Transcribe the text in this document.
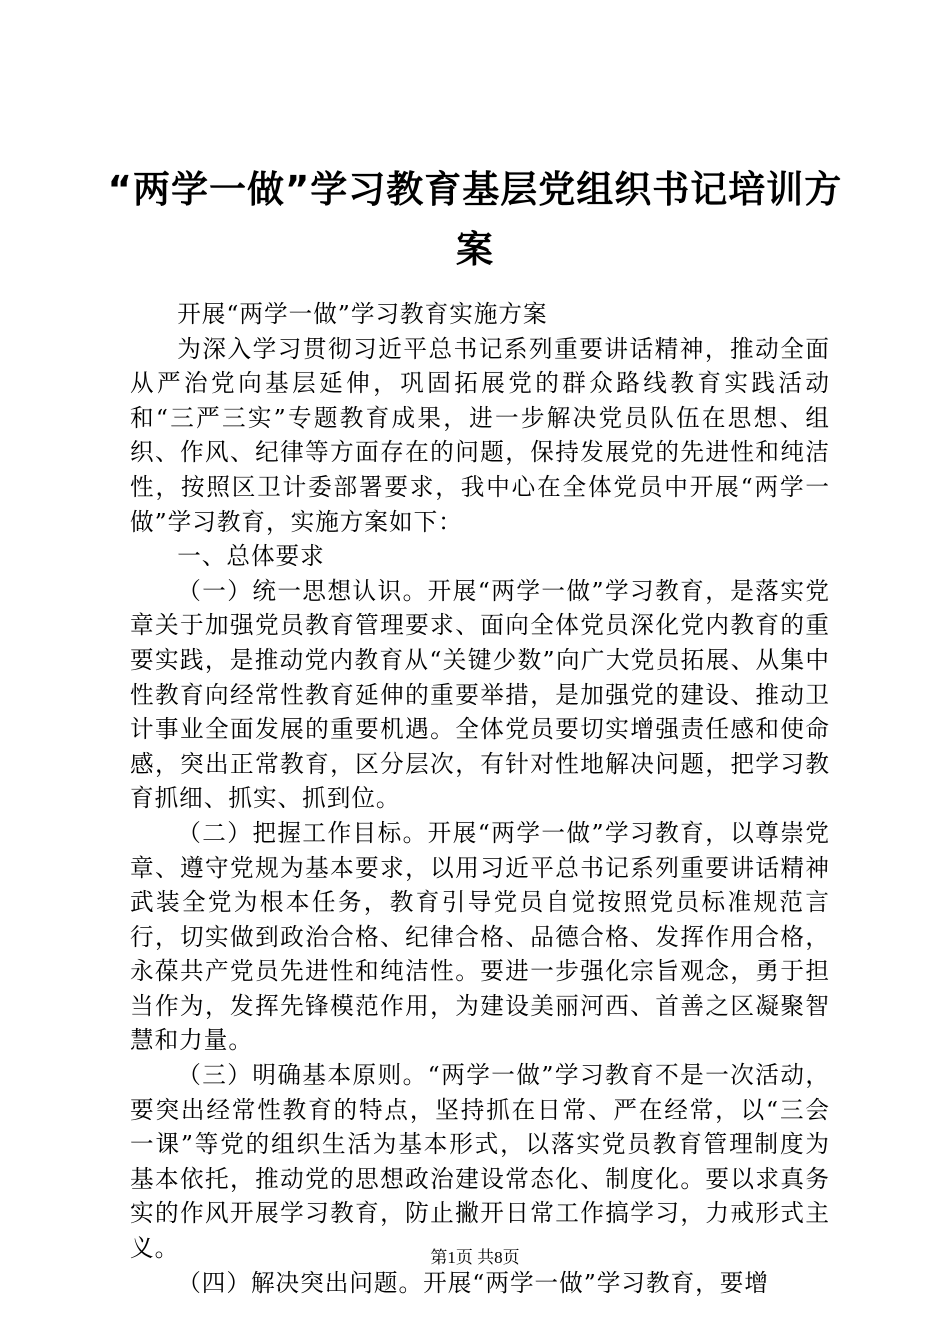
“两学一做”学习教育基层党组织书记培训方案

开展“两学一做”学习教育实施方案

为深入学习贯彻习近平总书记系列重要讲话精神，推动全面从严治党向基层延伸，巩固拓展党的群众路线教育实践活动和“三严三实”专题教育成果，进一步解决党员队伍在思想、组织、作风、纪律等方面存在的问题，保持发展党的先进性和纯洁性，按照区卫计委部署要求，我中心在全体党员中开展“两学一做”学习教育，实施方案如下：

一、总体要求

（一）统一思想认识。开展“两学一做”学习教育，是落实党章关于加强党员教育管理要求、面向全体党员深化党内教育的重要实践，是推动党内教育从“关键少数”向广大党员拓展、从集中性教育向经常性教育延伸的重要举措，是加强党的建设、推动卫计事业全面发展的重要机遇。全体党员要切实增强责任感和使命感，突出正常教育，区分层次，有针对性地解决问题，把学习教育抓细、抓实、抓到位。

（二）把握工作目标。开展“两学一做”学习教育，以尊崇党章、遵守党规为基本要求，以用习近平总书记系列重要讲话精神武装全党为根本任务，教育引导党员自觉按照党员标准规范言行，切实做到政治合格、纪律合格、品德合格、发挥作用合格，永葆共产党员先进性和纯洁性。要进一步强化宗旨观念，勇于担当作为，发挥先锋模范作用，为建设美丽河西、首善之区凝聚智慧和力量。

（三）明确基本原则。“两学一做”学习教育不是一次活动，要突出经常性教育的特点，坚持抓在日常、严在经常，以“三会一课”等党的组织生活为基本形式，以落实党员教育管理制度为基本依托，推动党的思想政治建设常态化、制度化。要以求真务实的作风开展学习教育，防止撇开日常工作搞学习，力戒形式主义。

（四）解决突出问题。开展“两学一做”学习教育，要增

第1页 共8页
